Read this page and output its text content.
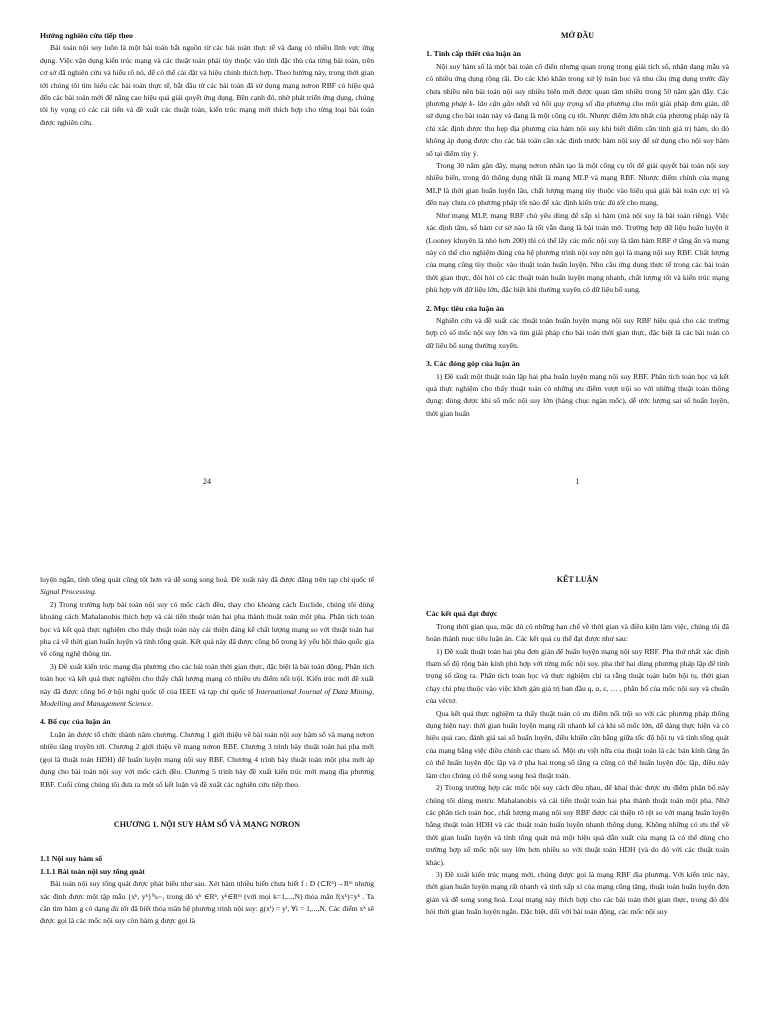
Hướng nghiên cứu tiếp theo

Bài toán nội suy luôn là một bài toán bắt nguồn từ các bài toán thực tế và đang có nhiều lĩnh vực ứng dụng. Việc vận dụng kiến trúc mạng và các thuật toán phải tùy thuộc vào tính đặc thù của từng bài toán, trên cơ sở đã nghiên cứu và hiểu rõ nó, để có thể cài đặt và hiệu chỉnh thích hợp. Theo hướng này, trong thời gian tới chúng tôi tìm hiểu các bài toán thực tế, bắt đầu từ các bài toán đã sử dụng mạng nơron RBF có hiệu quả đến các bài toán mới để nâng cao hiệu quả giải quyết ứng dụng. Bên cạnh đó, nhờ phát triển ứng dụng, chúng tôi hy vọng có các cải tiến và đề xuất các thuật toán, kiến trúc mạng mới thích hợp cho từng loại bài toán được nghiên cứu.

24

MỞ ĐẦU

1. Tính cấp thiết của luận án

Nội suy hàm số là một bài toán cổ điển nhưng quan trọng trong giải tích số, nhận dạng mẫu và có nhiều ứng dụng rộng rãi. Do các khó khăn trong xử lý toán học và nhu cầu ứng dụng trước đây chưa nhiều nên bài toán nội suy nhiều biến mới được quan tâm nhiều trong 50 năm gần đây. Các phương pháp k- lân cận gần nhất và hồi quy trọng số địa phương cho một giải pháp đơn giản, dễ sử dụng cho bài toán này và đang là một công cụ tốt. Nhược điểm lớn nhất của phương pháp này là chỉ xác định được thu hẹp địa phương của hàm nội suy khi biết điểm cần tính giá trị hàm, do đó không áp dụng được cho các bài toán cần xác định trước hàm nội suy để sử dụng cho nội suy hàm số tại điểm tùy ý.

Trong 30 năm gần đây, mạng nơron nhân tạo là một công cụ tốt để giải quyết bài toán nội suy nhiều biến, trong đó thông dụng nhất là mạng MLP và mạng RBF. Nhược điểm chính của mạng MLP là thời gian huấn luyện lâu, chất lượng mạng tùy thuộc vào hiệu quả giải bài toán cực trị và đến nay chưa có phương pháp tốt nào để xác định kiến trúc đủ tốt cho mạng.

Như mạng MLP, mạng RBF chủ yếu dùng để xấp xỉ hàm (mà nội suy là bài toán riêng). Việc xác định tâm, số hàm cơ sở nào là tốt vẫn đang là bài toán mở. Trường hợp dữ liệu huấn luyện ít (Looney khuyên là nhỏ hơn 200) thì có thể lấy các mốc nội suy là tâm hàm RBF ở tầng ẩn và mạng này có thể cho nghiệm đúng của hệ phương trình nội suy nên gọi là mạng nội suy RBF. Chất lượng của mạng cũng tùy thuộc vào thuật toán huấn luyện. Nhu cầu ứng dụng thực tế trong các bài toán thời gian thực, đòi hỏi có các thuật toán huấn luyện mạng nhanh, chất lượng tốt và kiến trúc mạng phù hợp với dữ liệu lớn, đặc biệt khi thường xuyên có dữ liệu bổ sung.

2. Mục tiêu của luận án

Nghiên cứu và đề xuất các thuật toán huấn luyện mạng nội suy RBF hiệu quả cho các trường hợp có số mốc nội suy lớn và tìm giải pháp cho bài toán thời gian thực, đặc biệt là các bài toán có dữ liệu bổ sung thường xuyên.

3. Các đóng góp của luận án

1) Đề xuất một thuật toán lặp hai pha huấn luyện mạng nội suy RBF. Phân tích toán học và kết quả thực nghiệm cho thấy thuật toán có những ưu điểm vượt trội so với những thuật toán thông dụng: dùng được khi số mốc nội suy lớn (hàng chục ngàn mốc), dễ ước lượng sai số huấn luyện, thời gian huấn

1

luyện ngắn, tính tổng quát cũng tốt hơn và dễ song song hoá. Đề xuất này đã được đăng trên tạp chí quốc tế Signal Processing.

2) Trong trường hợp bài toán nội suy có mốc cách đều, thay cho khoảng cách Euclide, chúng tôi dùng khoảng cách Mahalanobis thích hợp và cải tiến thuật toán hai pha thành thuật toán một pha. Phân tích toán học và kết quả thực nghiệm cho thấy thuật toán này cải thiện đáng kể chất lượng mạng so với thuật toán hai pha cả về thời gian huấn luyện và tính tổng quát. Kết quả này đã được công bố trong kỷ yếu hội thảo quốc gia về công nghệ thông tin.

3) Đề xuất kiến trúc mạng địa phương cho các bài toán thời gian thực, đặc biệt là bài toán động. Phân tích toán học và kết quả thực nghiệm cho thấy chất lượng mạng có nhiều ưu điểm nổi trội. Kiến trúc mới đề xuất này đã được công bố ở hội nghị quốc tế của IEEE và tạp chí quốc tế International Journal of Data Mining, Modelling and Management Science.

4. Bố cục của luận án

Luận án được tổ chức thành năm chương. Chương 1 giới thiệu về bài toán nội suy hàm số và mạng nơron nhiều tầng truyền tới. Chương 2 giới thiệu về mạng nơron RBF. Chương 3 trình bày thuật toán hai pha mới (gọi là thuật toán HDH) để huấn luyện mạng nội suy RBF. Chương 4 trình bày thuật toán một pha mới áp dụng cho bài toán nội suy với mốc cách đều. Chương 5 trình bày đề xuất kiến trúc mới mạng địa phương RBF. Cuối cùng chúng tôi đưa ra một số kết luận và đề xuất các nghiên cứu tiếp theo.

CHƯƠNG 1. NỘI SUY HÀM SỐ VÀ MẠNG NƠRON

1.1 Nội suy hàm số

1.1.1 Bài toán nội suy tổng quát

Bài toán nội suy tổng quát được phát biểu như sau. Xét hàm nhiều biến chưa biết f : D (⊂Rⁿ)→Rᵐ nhưng xác định được một tập mẫu {xᵏ, yᵏ}ᴺₖ₌₁ trong đó xᵏ ∈Rⁿ, yᵏ∈Rᵐ (với mọi k=1,...,N) thỏa mãn f(xᵏ)=yᵏ . Ta cần tìm hàm g có dạng đủ tốt đã biết thỏa mãn hệ phương trình nội suy: g(xⁱ) = yⁱ, ∀i = 1,...,N. Các điểm xᵏ sẽ được gọi là các mốc nội suy còn hàm g được gọi là

KẾT LUẬN

Các kết quả đạt được

Trong thời gian qua, mặc dù có những hạn chế về thời gian và điều kiện làm việc, chúng tôi đã hoàn thành mục tiêu luận án. Các kết quả cụ thể đạt được như sau:

1) Đề xuất thuật toán hai pha đơn giản để huấn luyện mạng nội suy RBF. Pha thứ nhất xác định tham số độ rộng bán kính phù hợp với từng mốc nội suy, pha thứ hai dùng phương pháp lặp để tính trọng số tầng ra. Phân tích toán học và thực nghiệm chỉ ra rằng thuật toán luôn hội tụ, thời gian chạy chỉ phụ thuộc vào việc khởi gán giá trị ban đầu q, α, ε, … , phân bố của mốc nội suy và chuẩn của véctơ.

Qua kết quả thực nghiệm ta thấy thuật toán có ưu điểm nổi trội so với các phương pháp thông dụng hiện nay: thời gian huấn luyện mạng rất nhanh kể cả khi số mốc lớn, dễ dàng thực hiện và có hiệu quả cao, đánh giá sai số huấn luyện, điều khiển cân bằng giữa tốc độ hội tụ và tính tổng quát của mạng bằng việc điều chỉnh các tham số. Một ưu việt nữa của thuật toán là các bán kính tầng ẩn có thể huấn luyện độc lập và ở pha hai trọng số tầng ra cũng có thể huấn luyện độc lập, điều này làm cho chúng có thể song song hoá thuật toán.

2) Trong trường hợp các mốc nội suy cách đều nhau, để khai thác được ưu điểm phân bố này chúng tôi dùng metric Mahalanobis và cải tiến thuật toán hai pha thành thuật toán một pha. Nhờ các phân tích toán học, chất lượng mạng nội suy RBF được cải thiện rõ rệt so với mạng huấn luyện bằng thuật toán HDH và các thuật toán huấn luyện nhanh thông dụng. Không những có ưu thế về thời gian huấn luyện và tính tổng quát mà một hiệu quả dẫn xuất của mạng là có thể dùng cho trường hợp số mốc nội suy lớn hơn nhiều so với thuật toán HDH (và do đó với các thuật toán khác).

3) Đề xuất kiến trúc mạng mới, chúng được gọi là mạng RBF địa phương. Với kiến trúc này, thời gian huấn luyện mạng rất nhanh và tính xấp xỉ của mạng cũng tăng, thuật toán huấn luyện đơn giản và dễ song song hoá. Loại mạng này thích hợp cho các bài toán thời gian thực, trong đó đòi hỏi thời gian huấn luyện ngắn. Đặc biệt, đối với bài toán động, các mốc nội suy
